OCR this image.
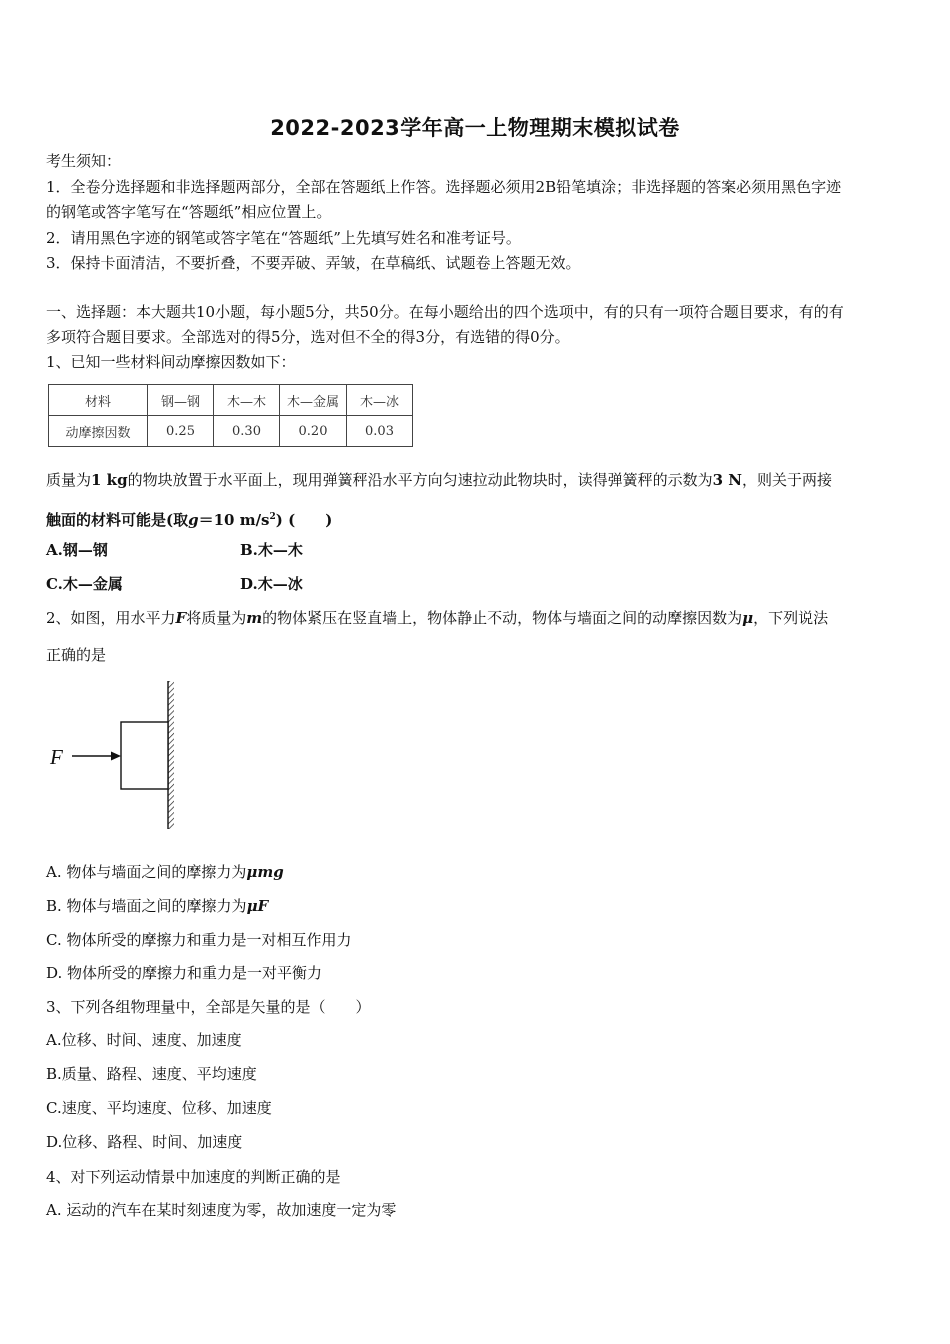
2022-2023学年高一上物理期末模拟试卷
考生须知：
1．全卷分选择题和非选择题两部分，全部在答题纸上作答。选择题必须用2B铅笔填涂；非选择题的答案必须用黑色字迹
的钢笔或答字笔写在“答题纸”相应位置上。
2．请用黑色字迹的钢笔或答字笔在“答题纸”上先填写姓名和准考证号。
3．保持卡面清洁，不要折叠，不要弄破、弄皱，在草稿纸、试题卷上答题无效。
一、选择题：本大题共10小题，每小题5分，共50分。在每小题给出的四个选项中，有的只有一项符合题目要求，有的有
多项符合题目要求。全部选对的得5分，选对但不全的得3分，有选错的得0分。
1、已知一些材料间动摩擦因数如下：
材料	钢—钢	木—木	木—金属	木—冰
动摩擦因数	0.25	0.30	0.20	0.03
质量为1 kg的物块放置于水平面上，现用弹簧秤沿水平方向匀速拉动此物块时，读得弹簧秤的示数为3 N，则关于两接
触面的材料可能是(取g＝10 $m/s^2$) (　　)
A.钢—钢	B.木—木
C.木—金属	D.木—冰
2、如图，用水平力F将质量为m的物体紧压在竖直墙上，物体静止不动，物体与墙面之间的动摩擦因数为μ，下列说法
正确的是
F
A. 物体与墙面之间的摩擦力为μmg
B. 物体与墙面之间的摩擦力为μF
C. 物体所受的摩擦力和重力是一对相互作用力
D. 物体所受的摩擦力和重力是一对平衡力
3、下列各组物理量中，全部是矢量的是（　　）
A.位移、时间、速度、加速度
B.质量、路程、速度、平均速度
C.速度、平均速度、位移、加速度
D.位移、路程、时间、加速度
4、对下列运动情景中加速度的判断正确的是
A. 运动的汽车在某时刻速度为零，故加速度一定为零
